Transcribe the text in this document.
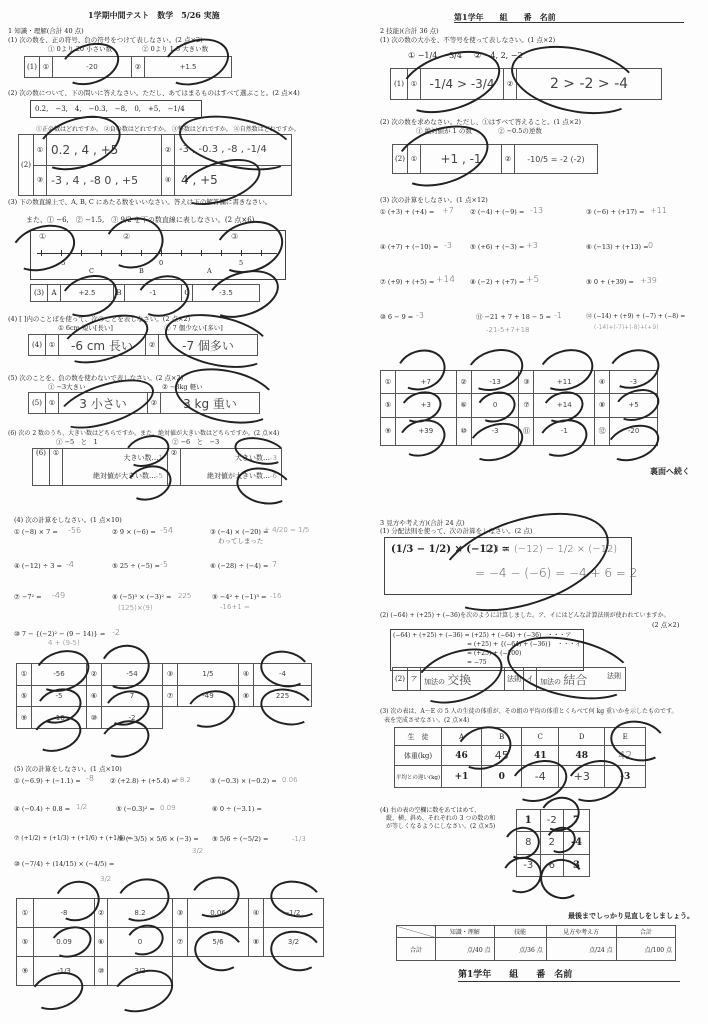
1学期中間テスト　数学　5/26 実施
1 知識・理解(合計 40 点)
(1) 次の数を、正の符号、負の符号をつけて表しなさい。(2 点×2)
① 0より 20 小さい数	② 0より 1.5 大きい数
(1)	①	-20	②	+1.5
(2) 次の数について、下の問いに答えなさい。ただし、あてはまるものはすべて選ぶこと。(2 点×4)
0.2,　−3,　4,　−0.3,　−8,　0,　+5,　−1/4
①正の数はどれですか。 ②負の数はどれですか。 ③整数はどれですか。 ④自然数はどれですか。
(2)	①	0.2 , 4 , +5	②	-3 , -0.3 , -8 , -1/4
	③	-3 , 4 , -8 0 , +5	④	4 , +5
(3) 下の数直線上で、A, B, C にあたる数をいいなさい。答えは下の解答欄に書きなさい。
また、① −6,　② −1.5,　③ 9/2 を下の数直線に表しなさい。(2 点×6)
-5	0	5
C	B	A
①	②	③
(3)	A	+2.5	B	-1	C	-3.5
(4) [ ]内のことばを使って、次のことを表しなさい。(2 点×2)
① 6cm 短い[長い]	② 7 個少ない[多い]
(4)	①	-6 cm 長い	②	-7 個多い
(5) 次のことを、負の数を使わないで表しなさい。(2 点×2)
① −3大きい	② −3kg 軽い
(5)	①	3 小さい	②	3 kg 重い
(6) 次の 2 数のうち、大きい数はどちらですか。また、絶対値が大きい数はどちらですか。(2 点×4)
① −5　と　1	② −6　と　−3
(6)	①	大きい数…1	②	大きい数…-3
		絶対値が大きい数…-5		絶対値が大きい数…-6
第1学年　　組　　番　名前
2 技能)(合計 36 点)
(1) 次の数の大小を、不等号を使って表しなさい。(1 点×2)
① −1/4, −3/4 ② −4, 2, −2
(1)	①	-1/4 > -3/4	②	2 > -2 > -4
(2) 次の数を求めなさい。ただし、①はすべて答えること。(1 点×2)
① 絶対値が 1 の数	② −0.5の逆数
(2)	①	+1 , -1	②	-10/5 = -2 (-2)
(3) 次の計算をしなさい。(1 点×12)
① (+3) + (+4) = +7 ② (−4) + (−9) = -13	③ (−6) + (+17) = +11
④ (+7) + (−10) = -3	⑤ (+6) + (−3) = +3	⑥ (−13) + (+13) = 0
⑦ (+9) + (+5) = +14 ⑧ (−2) + (+7) = +5	⑨ 0 + (+39) = +39
⑩ 6 − 9 = -3	⑪ −21 + 7 + 18 − 5 = -1
-21-5+7+18
⑫ (−14) + (+9) + (−7) + (−8) =
(-14)+(-7)+(-8)+(+9)
①	+7	②	-13	③	+11	④	-3
⑤	+3	⑥	0	⑦	+14	⑧	+5
⑨	+39	⑩	-3	⑪	-1	⑫	-20
裏面へ続く
(4) 次の計算をしなさい。(1 点×10)
① (−8) × 7 = -56	② 9 × (−6) = -54	③ (−4) × (−20) =
+ 4/20 = 1/5
わってしまった
④ (−12) ÷ 3 = -4	⑤ 25 ÷ (−5) = -5	⑥ (−28) ÷ (−4) = 7
⑦ −7² = -49	⑧ (−5)³ × (−3)² = 225
(125)×(9)
⑨ −4² + (−1)³ = -16
-16+1 =
⑩ 7 − {(−2)² − (9 − 14)} = -2
4 + (9-5)
①	-56	②	-54	③	1/5	④	-4
⑤	-5	⑥	7	⑦	-49	⑧	225
⑨	-16	⑩	-2				
(5) 次の計算をしなさい。(1 点×10)
① (−6.9) + (−1.1) = -8 ② (+2.8) + (+5.4) =
+8.2	③ (−0.3) × (−0.2) = 0.06
④ (−0.4) ÷ 0.8 = 1/2	⑤ (−0.3)² = 0.09	⑥ 0 ÷ (−3.1) =
⑦ (+1/2) + (+1/3) + (+1/6) + (+1/6) =
⑧ (−3/5) × 5/6 × (−3) =
3/2
⑨ 5/6 ÷ (−5/2) =	-1/3
⑩ (−7/4) ÷ (14/15) × (−4/5) =
3/2
①	-8	②	8.2	③	0.06	④	-1/2
⑤	0.09	⑥	0	⑦	5/6	⑧	3/2
⑨	-1/3	⑩	3/2				
3 見方や考え方)(合計 24 点)
(1) 分配法則を使って、次の計算をしなさい。(2 点)
(1/3 − 1/2) × (−12) =
1/3 × (−12) − 1/2 × (−12)
= −4 − (−6) = −4 + 6 = 2
(2) (−64) + (+25) + (−36)を次のように計算しました。ア、イにはどんな計算法則が使われていますか。
(2 点×2)
(−64) + (+25) + (−36) = (+25) + (−64) + (−36)　・・・ア
= (+25) + {(−64) + (−36)}　・・・イ
= (+25) + (−100)
= −75
(2)	ア	加法の 交換	法則	イ	加法の 結合	法則
(3) 次の表は、A〜E の 5 人の生徒の体重が、その組の平均の体重とくらべて何 kg 重いかを示したものです。
表を完成させなさい。(2 点×4)
生　徒	A	B	C	D	E
体重(kg)	46	45	41	48	42
平均との違い(kg)	+1	0	-4	+3	-3
(4) 右の表の空欄に数をあてはめて、
縦、横、斜め、それぞれの 3 つの数の和
が等しくなるようにしなさい。(2 点×5)
1	-2	7
8	2	-4
-3	6	3
最後までしっかり見直しをしましょう。
	知識・理解	技能	見方や考え方	合計
合計	点/40 点	点/36 点	点/24 点	点/100 点
第1学年　　組　　番　名前
